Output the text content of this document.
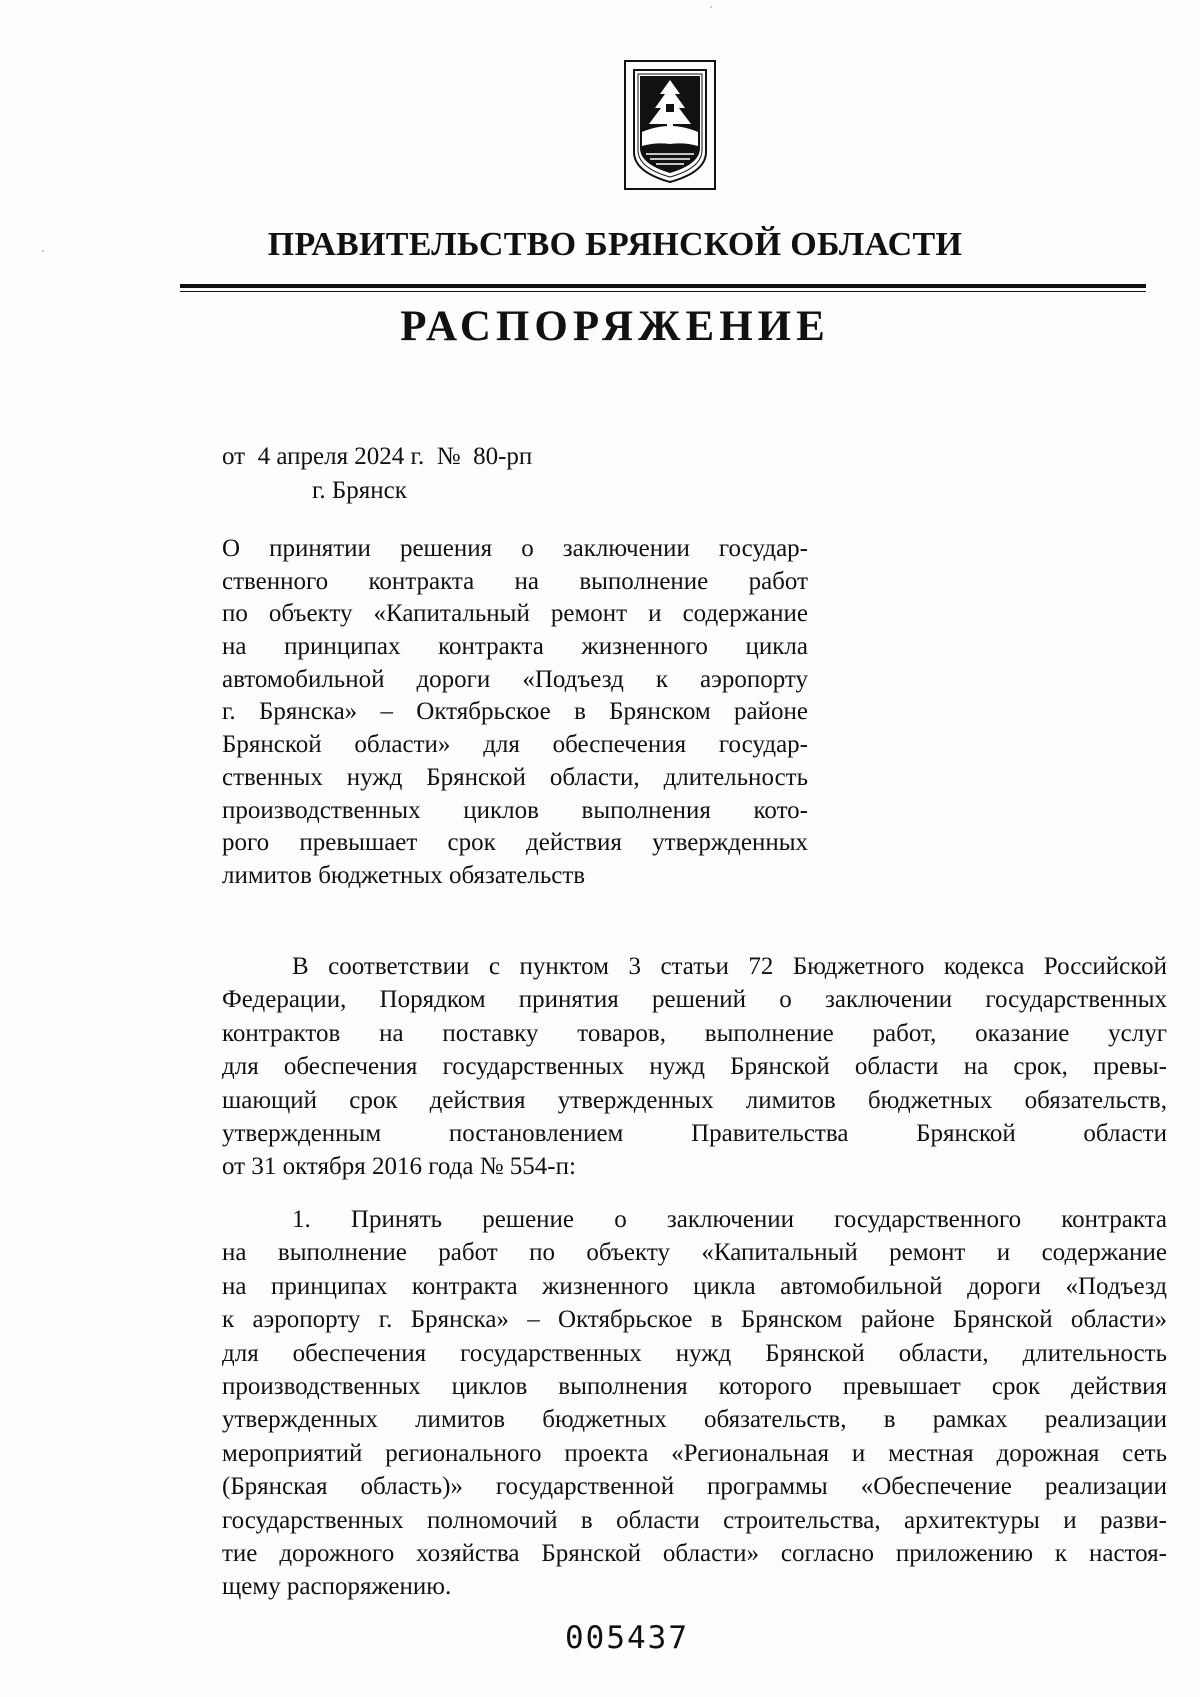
ПРАВИТЕЛЬСТВО БРЯНСКОЙ ОБЛАСТИ
РАСПОРЯЖЕНИЕ
от  4 апреля 2024 г.  №  80-рп
г. Брянск
О принятии решения о заключении государ-
ственного контракта на выполнение работ
по объекту «Капитальный ремонт и содержание
на принципах контракта жизненного цикла
автомобильной дороги «Подъезд к аэропорту
г. Брянска» – Октябрьское в Брянском районе
Брянской области» для обеспечения государ-
ственных нужд Брянской области, длительность
производственных циклов выполнения кото-
рого превышает срок действия утвержденных
лимитов бюджетных обязательств
В соответствии с пунктом 3 статьи 72 Бюджетного кодекса Российской
Федерации, Порядком принятия решений о заключении государственных
контрактов на поставку товаров, выполнение работ, оказание услуг
для обеспечения государственных нужд Брянской области на срок, превы-
шающий срок действия утвержденных лимитов бюджетных обязательств,
утвержденным постановлением Правительства Брянской области
от 31 октября 2016 года № 554-п:
1. Принять решение о заключении государственного контракта
на выполнение работ по объекту «Капитальный ремонт и содержание
на принципах контракта жизненного цикла автомобильной дороги «Подъезд
к аэропорту г. Брянска» – Октябрьское в Брянском районе Брянской области»
для обеспечения государственных нужд Брянской области, длительность
производственных циклов выполнения которого превышает срок действия
утвержденных лимитов бюджетных обязательств, в рамках реализации
мероприятий регионального проекта «Региональная и местная дорожная сеть
(Брянская область)» государственной программы «Обеспечение реализации
государственных полномочий в области строительства, архитектуры и разви-
тие дорожного хозяйства Брянской области» согласно приложению к настоя-
щему распоряжению.
005437
